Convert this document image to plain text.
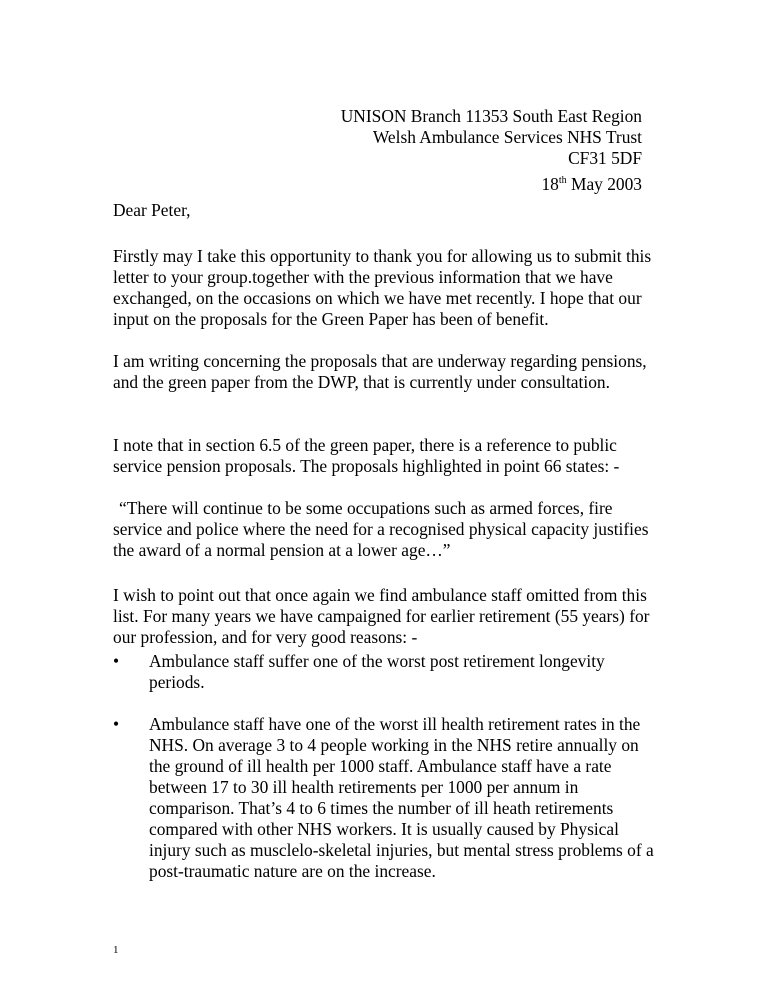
UNISON Branch 11353 South East Region
Welsh Ambulance Services NHS Trust
CF31 5DF
18th May 2003
Dear Peter,

Firstly may I take this opportunity to thank you for allowing us to submit this letter to your group.together with the previous information that we have exchanged, on the occasions on which we have met recently. I hope that our input on the proposals for the Green Paper has been of benefit.

I am writing concerning the proposals that are underway regarding pensions, and the green paper from the DWP, that is currently under consultation.

I note that in section 6.5 of the green paper, there is a reference to public service pension proposals. The proposals highlighted in point 66 states: -

“There will continue to be some occupations such as armed forces, fire service and police where the need for a recognised physical capacity justifies the award of a normal pension at a lower age…”

I wish to point out that once again we find ambulance staff omitted from this list. For many years we have campaigned for earlier retirement (55 years) for our profession, and for very good reasons: -

•	Ambulance staff suffer one of the worst post retirement longevity periods.
•	Ambulance staff have one of the worst ill health retirement rates in the NHS. On average 3 to 4 people working in the NHS retire annually on the ground of ill health per 1000 staff. Ambulance staff have a rate between 17 to 30 ill health retirements per 1000 per annum in comparison. That’s 4 to 6 times the number of ill heath retirements compared with other NHS workers. It is usually caused by Physical injury such as musclelo-skeletal injuries, but mental stress problems of a post-traumatic nature are on the increase.
1
